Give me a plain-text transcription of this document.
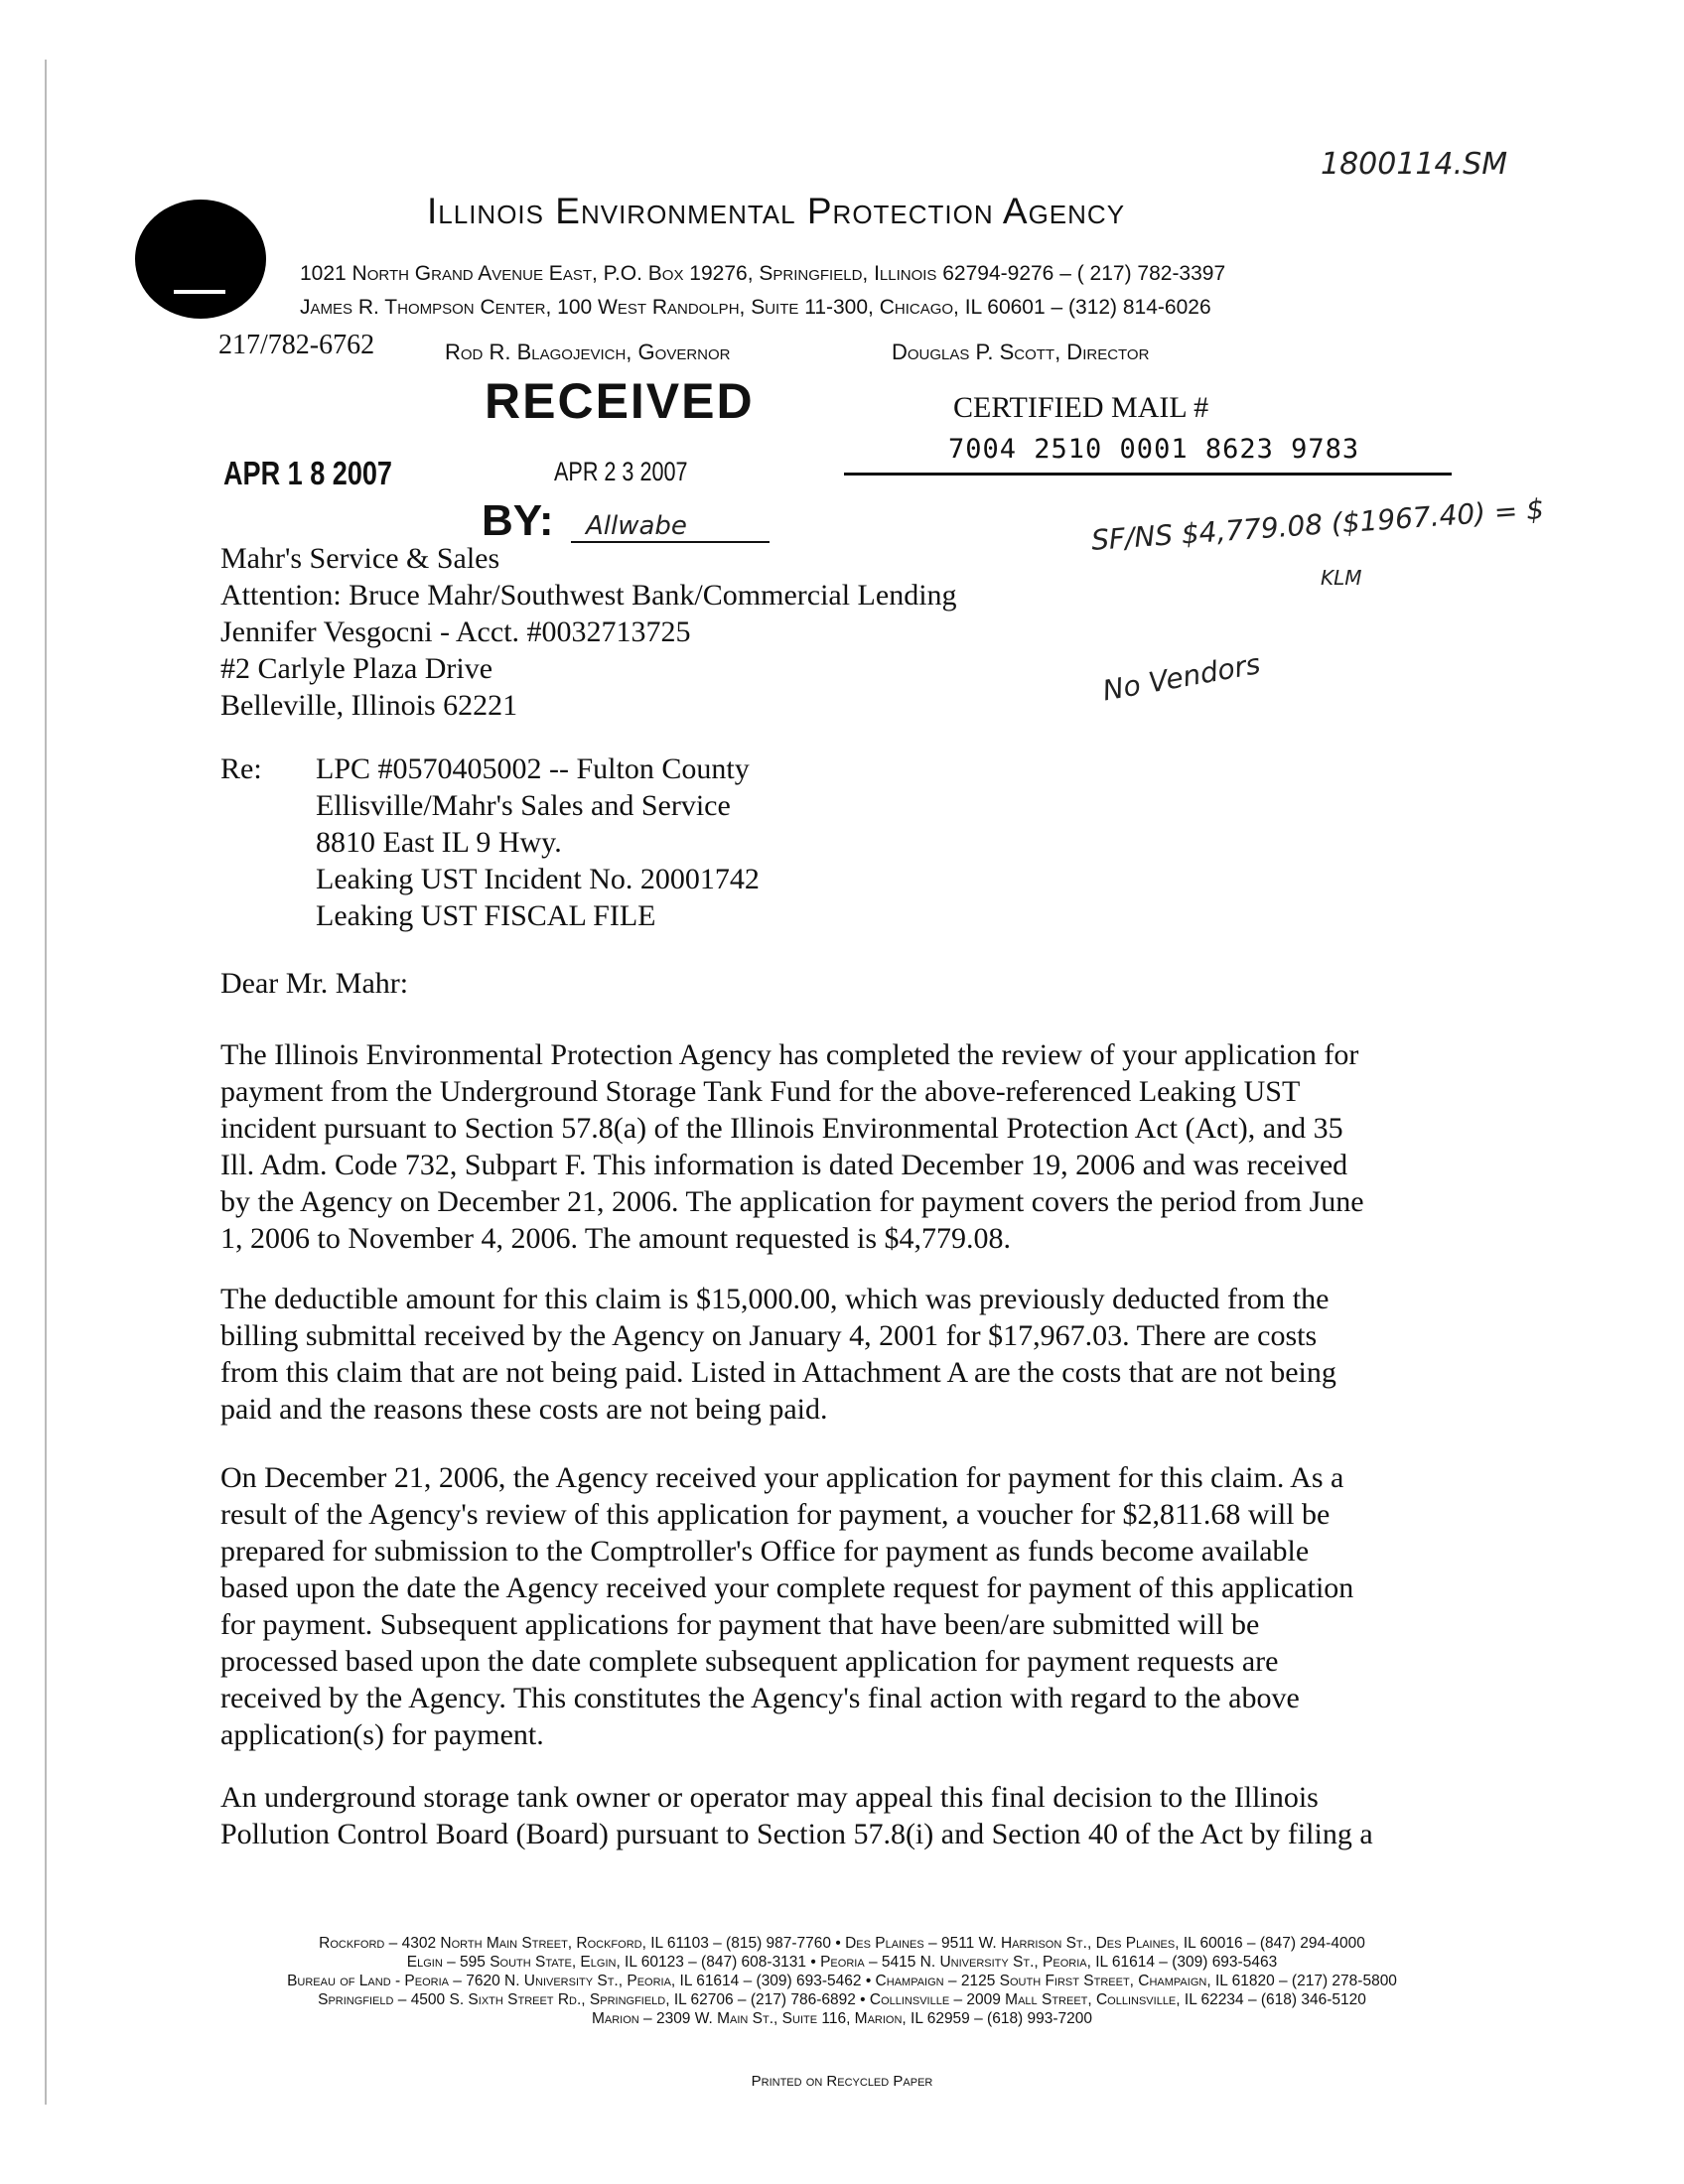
1800114.SM
Illinois Environmental Protection Agency
1021 North Grand Avenue East, P.O. Box 19276, Springfield, Illinois 62794-9276 – ( 217) 782-3397
James R. Thompson Center, 100 West Randolph, Suite 11-300, Chicago, IL 60601 – (312) 814-6026
217/782-6762	Rod R. Blagojevich, Governor	Douglas P. Scott, Director
RECEIVED	CERTIFIED MAIL #
7004 2510 0001 8623 9783
APR 1 8 2007	APR 2 3 2007
BY: Allwabe	SF/NS $4,779.08 ($1967.40) = $
KLM
No Vendors
Mahr's Service & Sales
Attention: Bruce Mahr/Southwest Bank/Commercial Lending
Jennifer Vesgocni - Acct. #0032713725
#2 Carlyle Plaza Drive
Belleville, Illinois 62221
Re: LPC #0570405002 -- Fulton County
Ellisville/Mahr's Sales and Service
8810 East IL 9 Hwy.
Leaking UST Incident No. 20001742
Leaking UST FISCAL FILE
Dear Mr. Mahr:
The Illinois Environmental Protection Agency has completed the review of your application for
payment from the Underground Storage Tank Fund for the above-referenced Leaking UST
incident pursuant to Section 57.8(a) of the Illinois Environmental Protection Act (Act), and 35
Ill. Adm. Code 732, Subpart F. This information is dated December 19, 2006 and was received
by the Agency on December 21, 2006. The application for payment covers the period from June
1, 2006 to November 4, 2006. The amount requested is $4,779.08.
The deductible amount for this claim is $15,000.00, which was previously deducted from the
billing submittal received by the Agency on January 4, 2001 for $17,967.03. There are costs
from this claim that are not being paid. Listed in Attachment A are the costs that are not being
paid and the reasons these costs are not being paid.
On December 21, 2006, the Agency received your application for payment for this claim. As a
result of the Agency's review of this application for payment, a voucher for $2,811.68 will be
prepared for submission to the Comptroller's Office for payment as funds become available
based upon the date the Agency received your complete request for payment of this application
for payment. Subsequent applications for payment that have been/are submitted will be
processed based upon the date complete subsequent application for payment requests are
received by the Agency. This constitutes the Agency's final action with regard to the above
application(s) for payment.
An underground storage tank owner or operator may appeal this final decision to the Illinois
Pollution Control Board (Board) pursuant to Section 57.8(i) and Section 40 of the Act by filing a
Rockford – 4302 North Main Street, Rockford, IL 61103 – (815) 987-7760 • Des Plaines – 9511 W. Harrison St., Des Plaines, IL 60016 – (847) 294-4000
Elgin – 595 South State, Elgin, IL 60123 – (847) 608-3131 • Peoria – 5415 N. University St., Peoria, IL 61614 – (309) 693-5463
Bureau of Land - Peoria – 7620 N. University St., Peoria, IL 61614 – (309) 693-5462 • Champaign – 2125 South First Street, Champaign, IL 61820 – (217) 278-5800
Springfield – 4500 S. Sixth Street Rd., Springfield, IL 62706 – (217) 786-6892 • Collinsville – 2009 Mall Street, Collinsville, IL 62234 – (618) 346-5120
Marion – 2309 W. Main St., Suite 116, Marion, IL 62959 – (618) 993-7200
Printed on Recycled Paper
